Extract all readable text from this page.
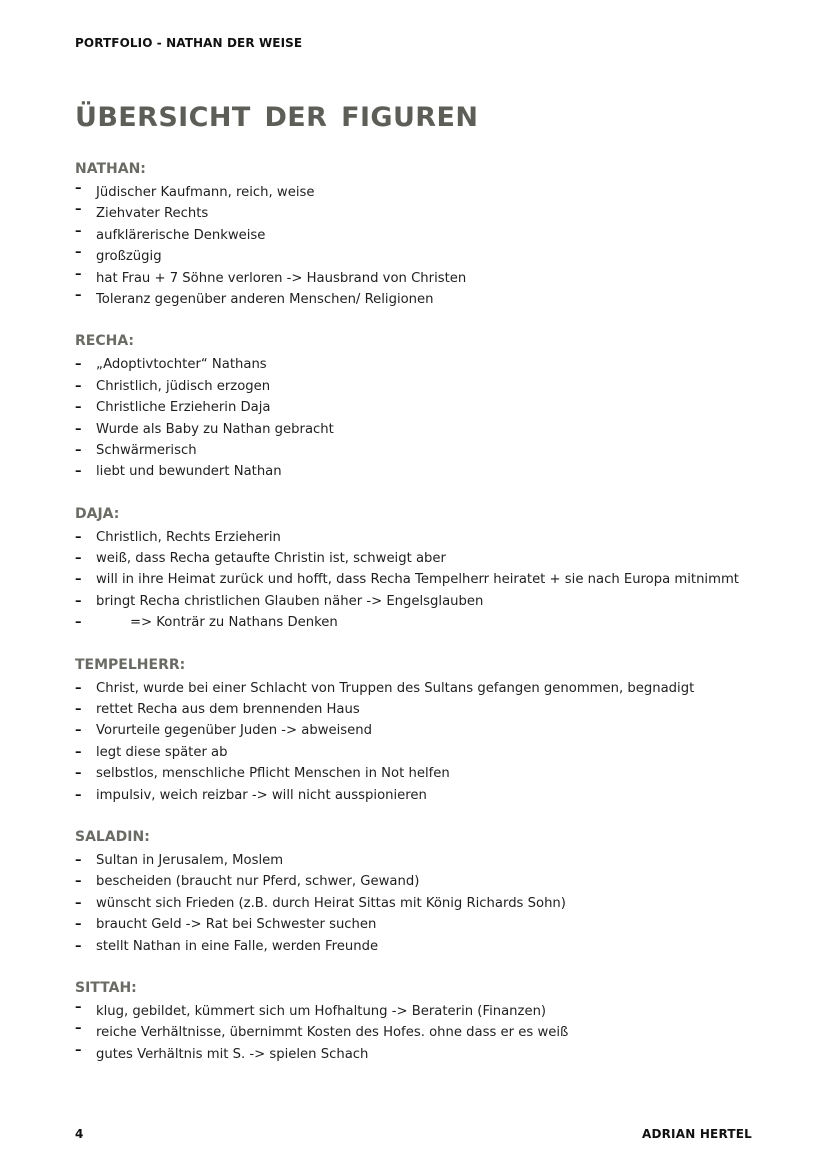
PORTFOLIO - NATHAN DER WEISE
ÜBERSICHT DER FIGUREN
NATHAN:
– Jüdischer Kaufmann, reich, weise
– Ziehvater Rechts
– aufklärerische Denkweise
– großzügig
– hat Frau + 7 Söhne verloren -> Hausbrand von Christen
– Toleranz gegenüber anderen Menschen/ Religionen
RECHA:
– „Adoptivtochter“ Nathans
– Christlich, jüdisch erzogen
– Christliche Erzieherin Daja
– Wurde als Baby zu Nathan gebracht
– Schwärmerisch
– liebt und bewundert Nathan
DAJA:
– Christlich, Rechts Erzieherin
– weiß, dass Recha getaufte Christin ist, schweigt aber
– will in ihre Heimat zurück und hofft, dass Recha Tempelherr heiratet + sie nach Europa mitnimmt
– bringt Recha christlichen Glauben näher -> Engelsglauben
–	=> Konträr zu Nathans Denken
TEMPELHERR:
– Christ, wurde bei einer Schlacht von Truppen des Sultans gefangen genommen, begnadigt
– rettet Recha aus dem brennenden Haus
– Vorurteile gegenüber Juden -> abweisend
– legt diese später ab
– selbstlos, menschliche Pflicht Menschen in Not helfen
– impulsiv, weich reizbar -> will nicht ausspionieren
SALADIN:
– Sultan in Jerusalem, Moslem
– bescheiden (braucht nur Pferd, schwer, Gewand)
– wünscht sich Frieden (z.B. durch Heirat Sittas mit König Richards Sohn)
– braucht Geld -> Rat bei Schwester suchen
– stellt Nathan in eine Falle, werden Freunde
SITTAH:
– klug, gebildet, kümmert sich um Hofhaltung -> Beraterin (Finanzen)
– reiche Verhältnisse, übernimmt Kosten des Hofes. ohne dass er es weiß
– gutes Verhältnis mit S. -> spielen Schach
4	ADRIAN HERTEL
